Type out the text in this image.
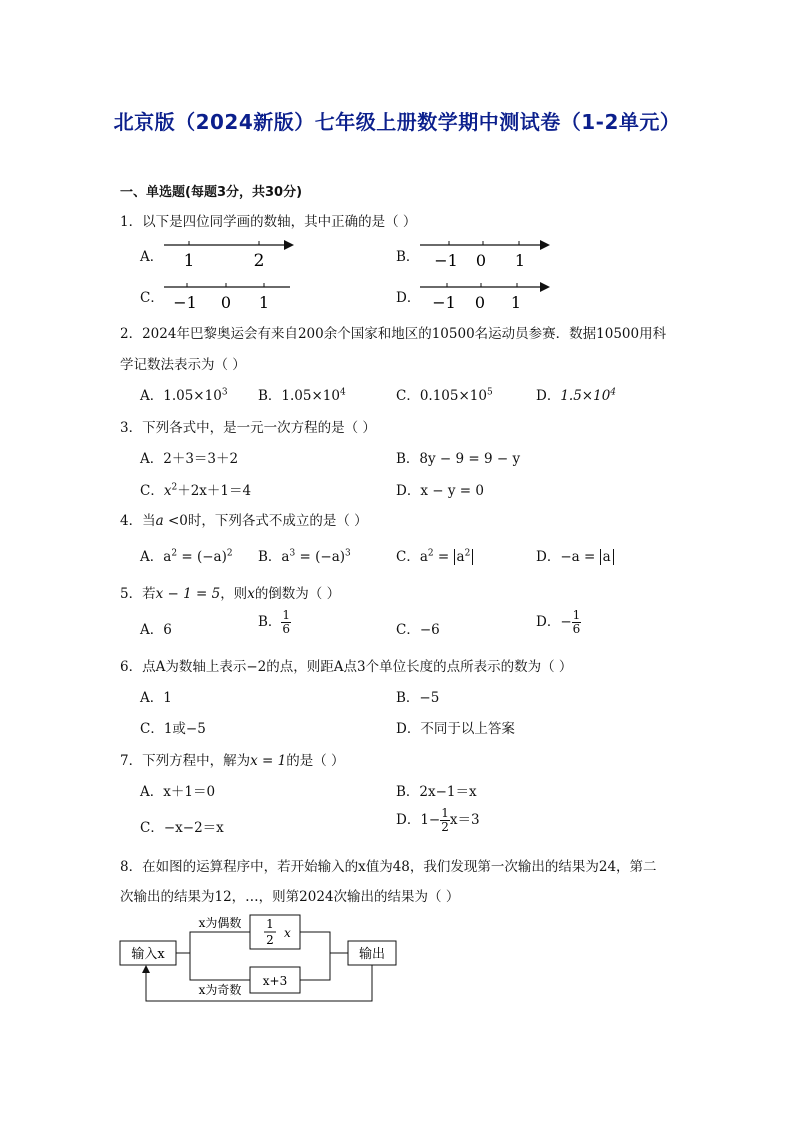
北京版（2024新版）七年级上册数学期中测试卷（1-2单元）
一、单选题(每题3分，共30分)
1．以下是四位同学画的数轴，其中正确的是（ ）
A． 1	2	B． −1 0 1
C． −1 0 1	D． −1 0 1
2．2024年巴黎奥运会有来自200余个国家和地区的10500名运动员参赛．数据10500用科
学记数法表示为（ ）
A．$1.05\times 10^3$ B．$1.05\times 10^4$	C．$0.105\times 10^5$	D．$1.5\times 10^4$
3．下列各式中，是一元一次方程的是（ ）
A．2＋3＝3＋2	B．8y − 9 = 9 − y
C．$x^2+2x+1=4$	D．x − y = 0
4．当a <0时，下列各式不成立的是（ ）
A．$a^2 = (-a)^2$ B．$a^3 = (-a)^3$	C．$a^2 = a^2$	D．−a = a
5．若x − 1 = 5，则x的倒数为（ ）
A．6	B． $\frac{1}{6}$	C．−6	D．− $\frac{1}{6}$
6．点A为数轴上表示−2的点，则距A点3个单位长度的点所表示的数为（ ）
A．1	B．−5
C．1或−5	D．不同于以上答案
7．下列方程中，解为x = 1的是（ ）
A．x＋1＝0	B．2x−1＝x
C．−x−2＝x	D．$1- \frac{1}{2} x=3$
8．在如图的运算程序中，若开始输入的x值为48，我们发现第一次输出的结果为24，第二
次输出的结果为12，…，则第2024次输出的结果为（ ）
输入x	输出
1
2 x
x为偶数
x+3
x为奇数
